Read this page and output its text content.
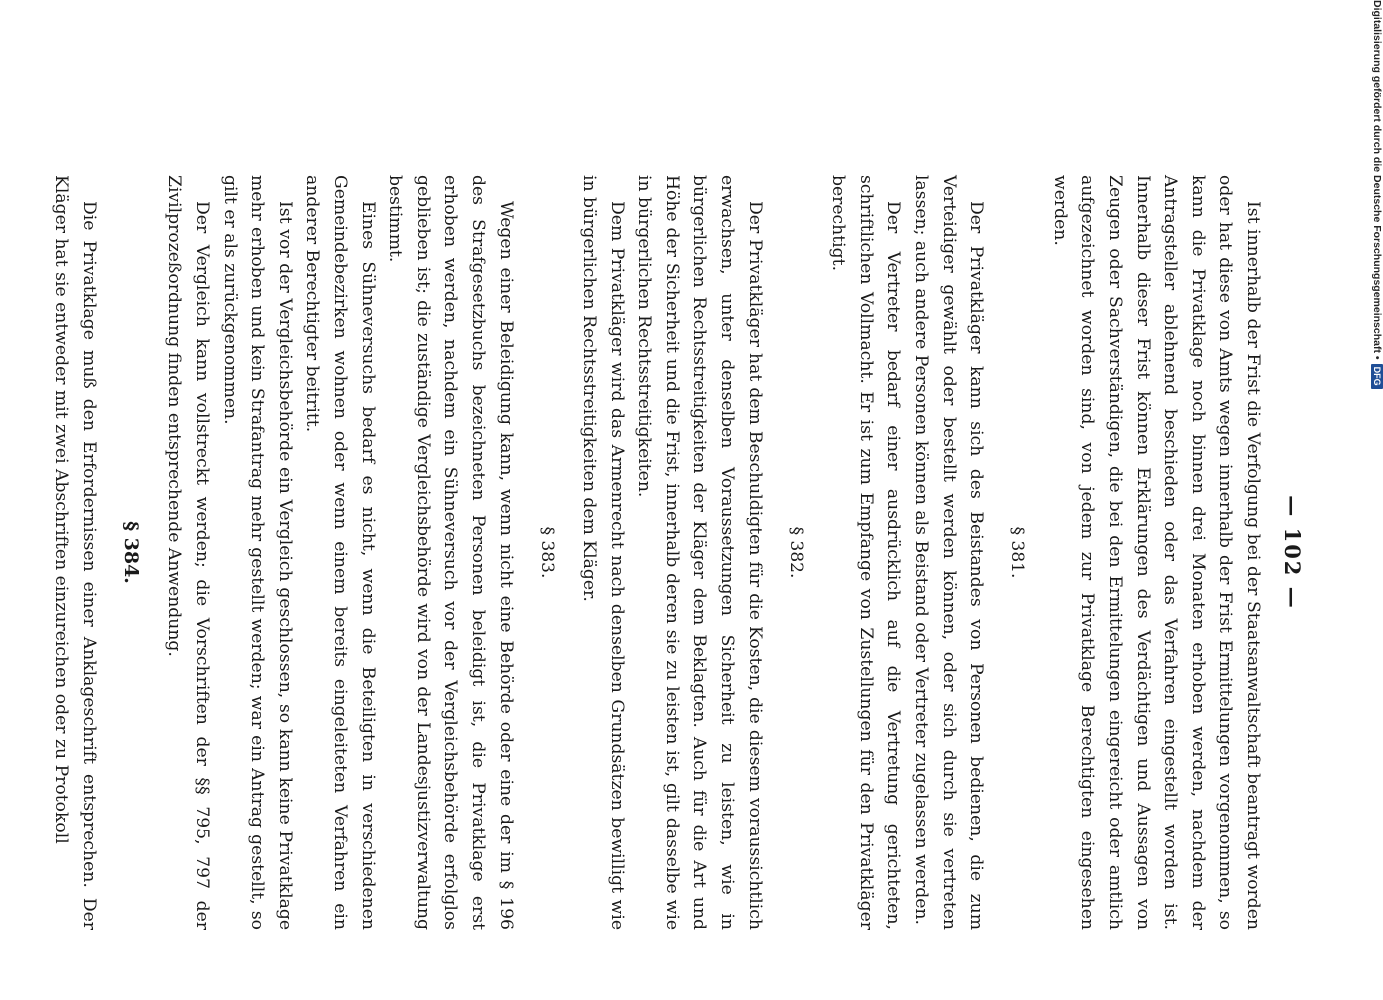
— 102 —

Ist innerhalb der Frist die Verfolgung bei der Staatsanwaltschaft beantragt worden oder hat diese von Amts wegen innerhalb der Frist Ermittelungen vorgenommen, so kann die Privatklage noch binnen drei Monaten erhoben werden, nachdem der Antragsteller ablehnend beschieden oder das Verfahren eingestellt worden ist. Innerhalb dieser Frist können Erklärungen des Verdächtigen und Aussagen von Zeugen oder Sachverständigen, die bei den Ermittelungen eingereicht oder amtlich aufgezeichnet worden sind, von jedem zur Privatklage Berechtigten eingesehen werden.

§ 381.

Der Privatkläger kann sich des Beistandes von Personen bedienen, die zum Verteidiger gewählt oder bestellt werden können, oder sich durch sie vertreten lassen; auch andere Personen können als Beistand oder Vertreter zugelassen werden.

Der Vertreter bedarf einer ausdrücklich auf die Vertretung gerichteten, schriftlichen Vollmacht. Er ist zum Empfange von Zustellungen für den Privatkläger berechtigt.

§ 382.

Der Privatkläger hat dem Beschuldigten für die Kosten, die diesem voraussichtlich erwachsen, unter denselben Voraussetzungen Sicherheit zu leisten, wie in bürgerlichen Rechtsstreitigkeiten der Kläger dem Beklagten. Auch für die Art und Höhe der Sicherheit und die Frist, innerhalb deren sie zu leisten ist, gilt dasselbe wie in bürgerlichen Rechtsstreitigkeiten.

Dem Privatkläger wird das Armenrecht nach denselben Grundsätzen bewilligt wie in bürgerlichen Rechtsstreitigkeiten dem Kläger.

§ 383.

Wegen einer Beleidigung kann, wenn nicht eine Behörde oder eine der im § 196 des Strafgesetzbuchs bezeichneten Personen beleidigt ist, die Privatklage erst erhoben werden, nachdem ein Sühneversuch vor der Vergleichsbehörde erfolglos geblieben ist; die zuständige Vergleichsbehörde wird von der Landesjustizverwaltung bestimmt.

Eines Sühneversuchs bedarf es nicht, wenn die Beteiligten in verschiedenen Gemeindebezirken wohnen oder wenn einem bereits eingeleiteten Verfahren ein anderer Berechtigter beitritt.

Ist vor der Vergleichsbehörde ein Vergleich geschlossen, so kann keine Privatklage mehr erhoben und kein Strafantrag mehr gestellt werden; war ein Antrag gestellt, so gilt er als zurückgenommen.

Der Vergleich kann vollstreckt werden; die Vorschriften der §§ 795, 797 der Zivilprozeßordnung finden entsprechende Anwendung.

§ 384.

Die Privatklage muß den Erfordernissen einer Anklageschrift entsprechen. Der Kläger hat sie entweder mit zwei Abschriften einzureichen oder zu Protokoll	Digitalisierung gefördert durch die Deutsche Forschungsgemeinschaft •
DFG
